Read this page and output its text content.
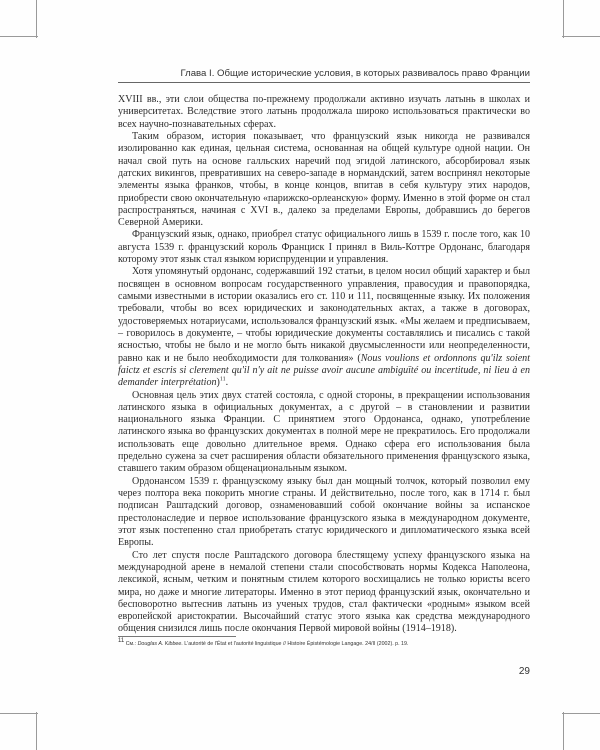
Глава I. Общие исторические условия, в которых развивалось право Франции

XVIII вв., эти слои общества по-прежнему продолжали активно изучать латынь в школах и университетах. Вследствие этого латынь продолжала широко использоваться практически во всех научно-познавательных сферах.

Таким образом, история показывает, что французский язык никогда не развивался изолированно как единая, цельная система, основанная на общей культуре одной нации. Он начал свой путь на основе галльских наречий под эгидой латинского, абсорбировал язык датских викингов, превративших на северо-западе в нормандский, затем воспринял некоторые элементы языка франков, чтобы, в конце концов, впитав в себя культуру этих народов, приобрести свою окончательную «парижско-орлеанскую» форму. Именно в этой форме он стал распространяться, начиная с XVI в., далеко за пределами Европы, добравшись до берегов Северной Америки.

Французский язык, однако, приобрел статус официального лишь в 1539 г. после того, как 10 августа 1539 г. французский король Франциск I принял в Виль-Коттре Ордонанс, благодаря которому этот язык стал языком юриспруденции и управления.

Хотя упомянутый ордонанс, содержавший 192 статьи, в целом носил общий характер и был посвящен в основном вопросам государственного управления, правосудия и правопорядка, самыми известными в истории оказались его ст. 110 и 111, посвященные языку. Их положения требовали, чтобы во всех юридических и законодательных актах, а также в договорах, удостоверяемых нотариусами, использовался французский язык. «Мы желаем и предписываем, – говорилось в документе, – чтобы юридические документы составлялись и писались с такой ясностью, чтобы не было и не могло быть никакой двусмысленности или неопределенности, равно как и не было необходимости для толкования» (Nous voulions et ordonnons qu'ilz soient faictz et escris si clerement qu'il n'y ait ne puisse avoir aucune ambiguïté ou incertitude, ni lieu à en demander interprétation)$^{11}$.

Основная цель этих двух статей состояла, с одной стороны, в прекращении использования латинского языка в официальных документах, а с другой – в становлении и развитии национального языка Франции. С принятием этого Ордонанса, однако, употребление латинского языка во французских документах в полной мере не прекратилось. Его продолжали использовать еще довольно длительное время. Однако сфера его использования была предельно сужена за счет расширения области обязательного применения французского языка, ставшего таким образом общенациональным языком.

Ордонансом 1539 г. французскому языку был дан мощный толчок, который позволил ему через полтора века покорить многие страны. И действительно, после того, как в 1714 г. был подписан Раштадский договор, ознаменовавший собой окончание войны за испанское престолонаследие и первое использование французского языка в международном документе, этот язык постепенно стал приобретать статус юридического и дипломатического языка всей Европы.

Сто лет спустя после Раштадского договора блестящему успеху французского языка на международной арене в немалой степени стали способствовать нормы Кодекса Наполеона, лексикой, ясным, четким и понятным стилем которого восхищались не только юристы всего мира, но даже и многие литераторы. Именно в этот период французский язык, окончательно и бесповоротно вытеснив латынь из ученых трудов, стал фактически «родным» языком всей европейской аристократии. Высочайший статус этого языка как средства международного общения снизился лишь после окончания Первой мировой войны (1914–1918).

$^{11}$ См.: Douglas A. Kibbee. L'autorité de l'État et l'autorité linguistique // Histoire Épistémologie Langage. 24/II (2002). p. 19.
29
